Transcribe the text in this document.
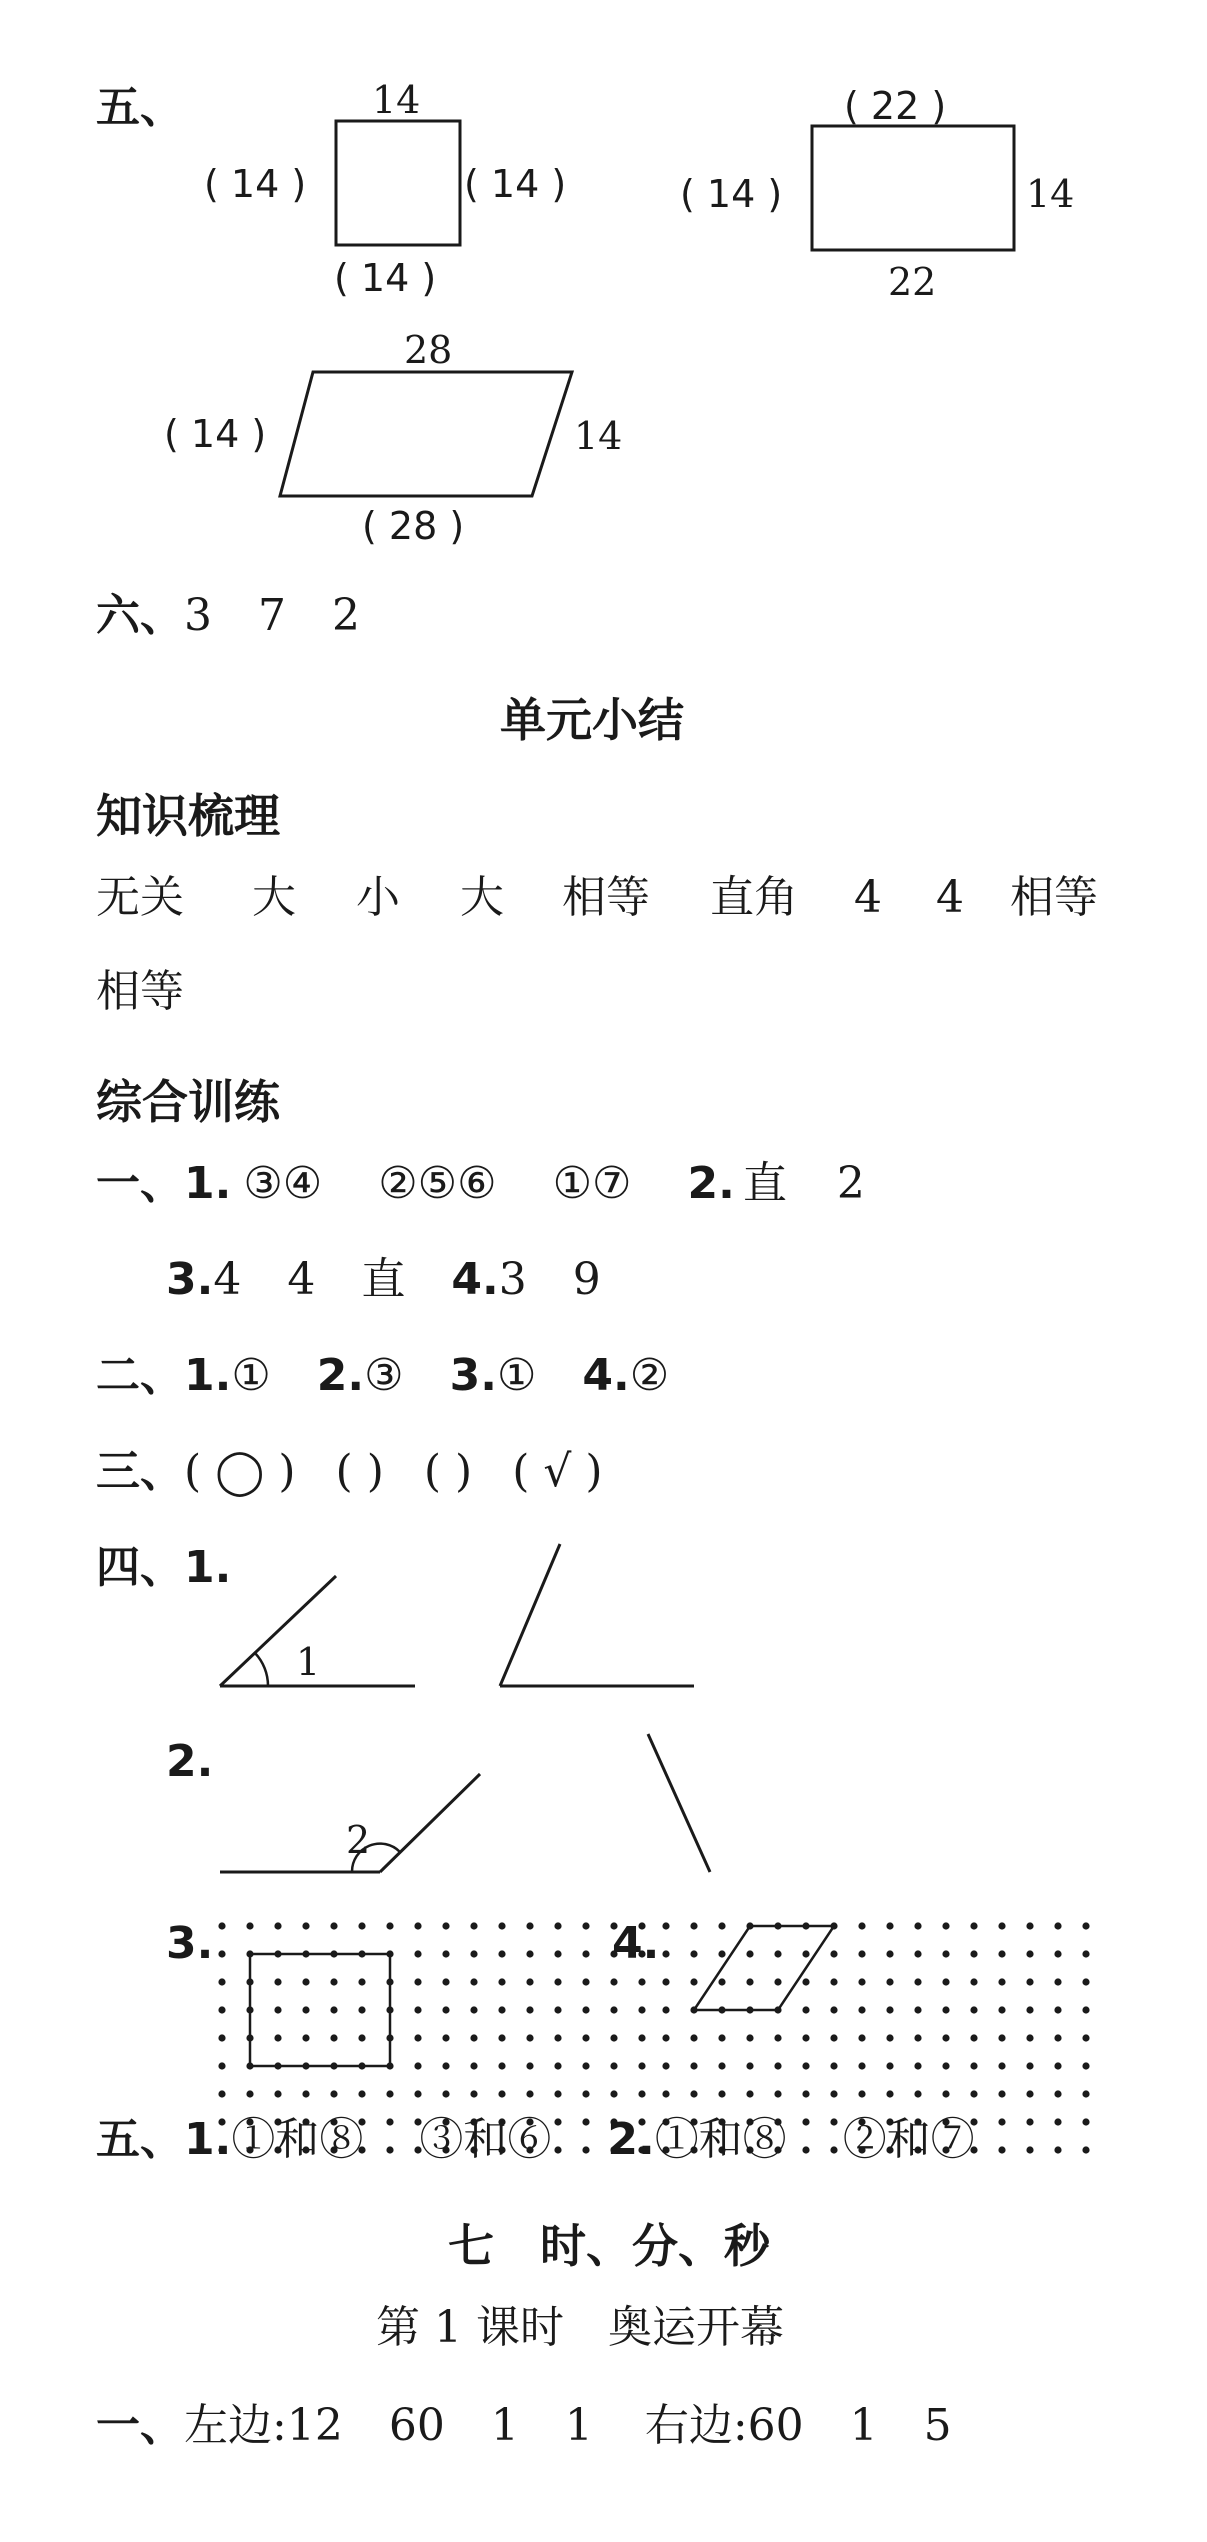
五、	14
( 14 )	( 14 )
( 14 )
( 22 )
( 14 )	14
22
28
( 14 )	14
( 28 )
六、3 7 2
单元小结
知识梳理
无关 大 小 大 相等 直角 4 4 相等
相等
综合训练
一、1. ③④ ②⑤⑥ ①⑦ 2. 直 2
3.4 4 直 4.3 9
二、1.① 2.③ 3.① 4.②
三、( ◯ ) ( ) ( ) ( √ )
四、1.
1
2.
2
3.	4.
五、1.①和⑧ ③和⑥ 2.①和⑧ ②和⑦
七　时、分、秒
第 1 课时　奥运开幕
一、左边:12 60 1 1 右边:60 1 5
